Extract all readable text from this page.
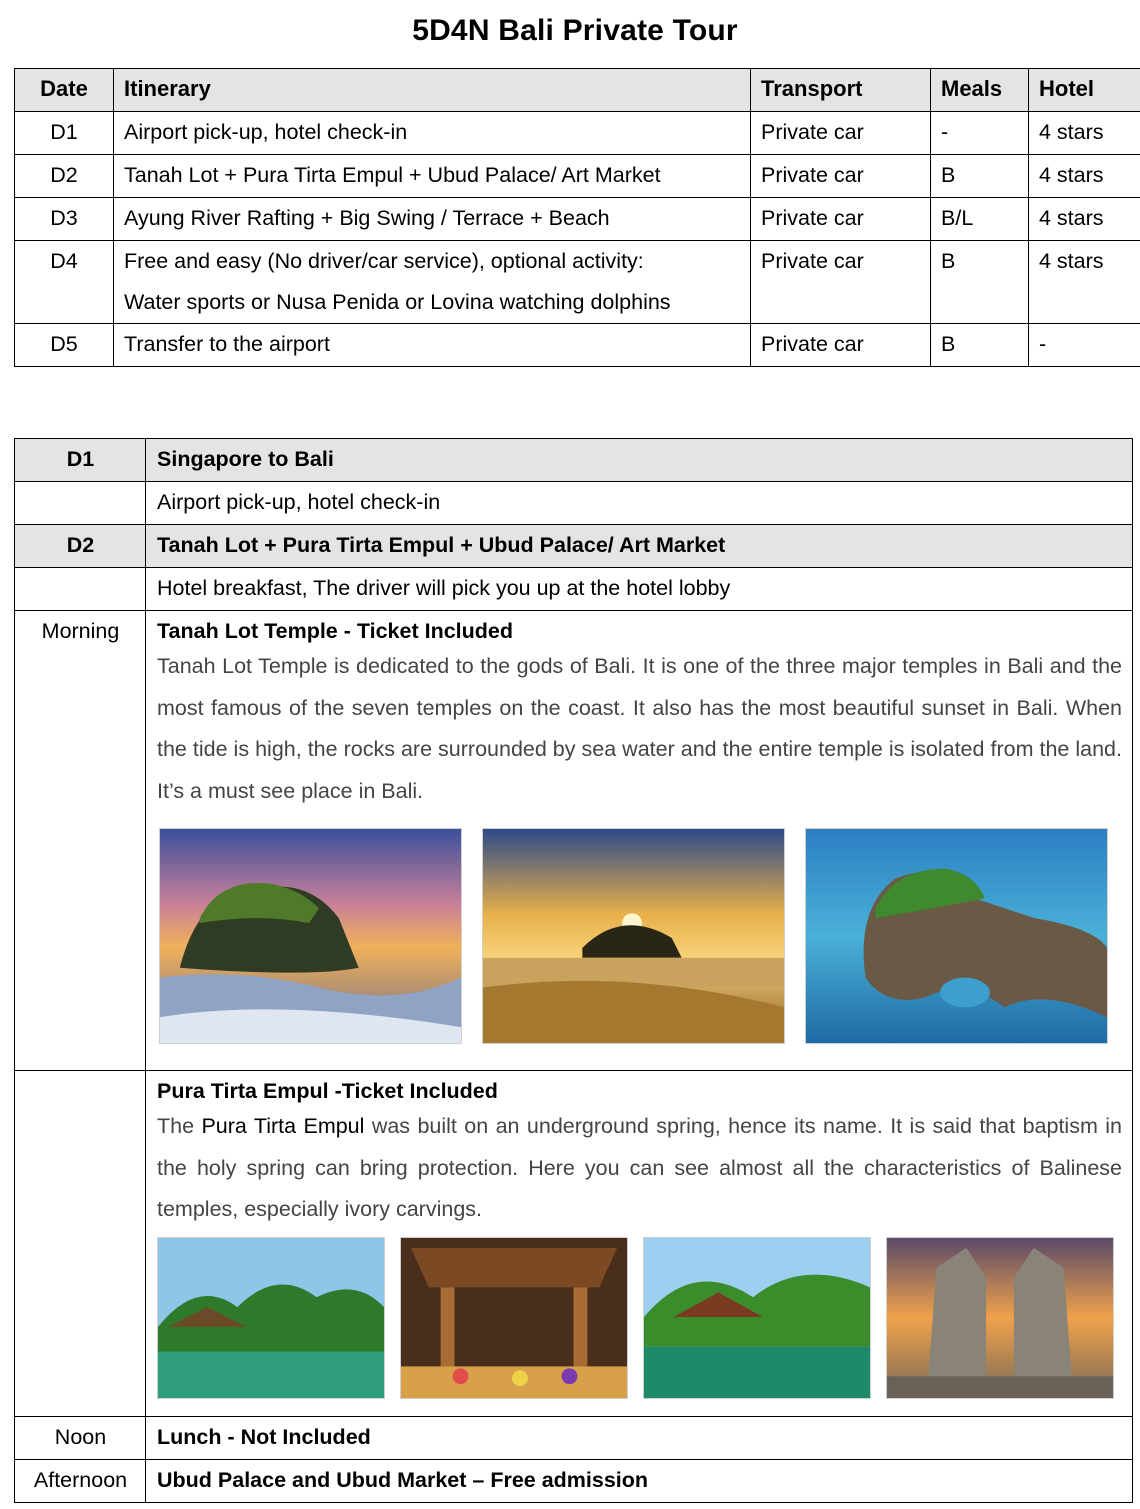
5D4N Bali Private Tour
Date	Itinerary	Transport	Meals	Hotel
D1	Airport pick-up, hotel check-in	Private car	-	4 stars
D2	Tanah Lot + Pura Tirta Empul + Ubud Palace/ Art Market	Private car	B	4 stars
D3	Ayung River Rafting + Big Swing / Terrace + Beach	Private car	B/L	4 stars
D4	Free and easy (No driver/car service), optional activity:
Water sports or Nusa Penida or Lovina watching dolphins	Private car	B	4 stars
D5	Transfer to the airport	Private car	B	-
D1	Singapore to Bali
	Airport pick-up, hotel check-in
D2	Tanah Lot + Pura Tirta Empul + Ubud Palace/ Art Market
	Hotel breakfast, The driver will pick you up at the hotel lobby
Morning	Tanah Lot Temple - Ticket Included
Tanah Lot Temple is dedicated to the gods of Bali. It is one of the three major temples in Bali and the most famous of the seven temples on the coast. It also has the most beautiful sunset in Bali. When the tide is high, the rocks are surrounded by sea water and the entire temple is isolated from the land. It’s a must see place in Bali.

	Pura Tirta Empul -Ticket Included
The Pura Tirta Empul was built on an underground spring, hence its name. It is said that baptism in the holy spring can bring protection. Here you can see almost all the characteristics of Balinese temples, especially ivory carvings.

Noon	Lunch - Not Included
Afternoon	Ubud Palace and Ubud Market – Free admission
